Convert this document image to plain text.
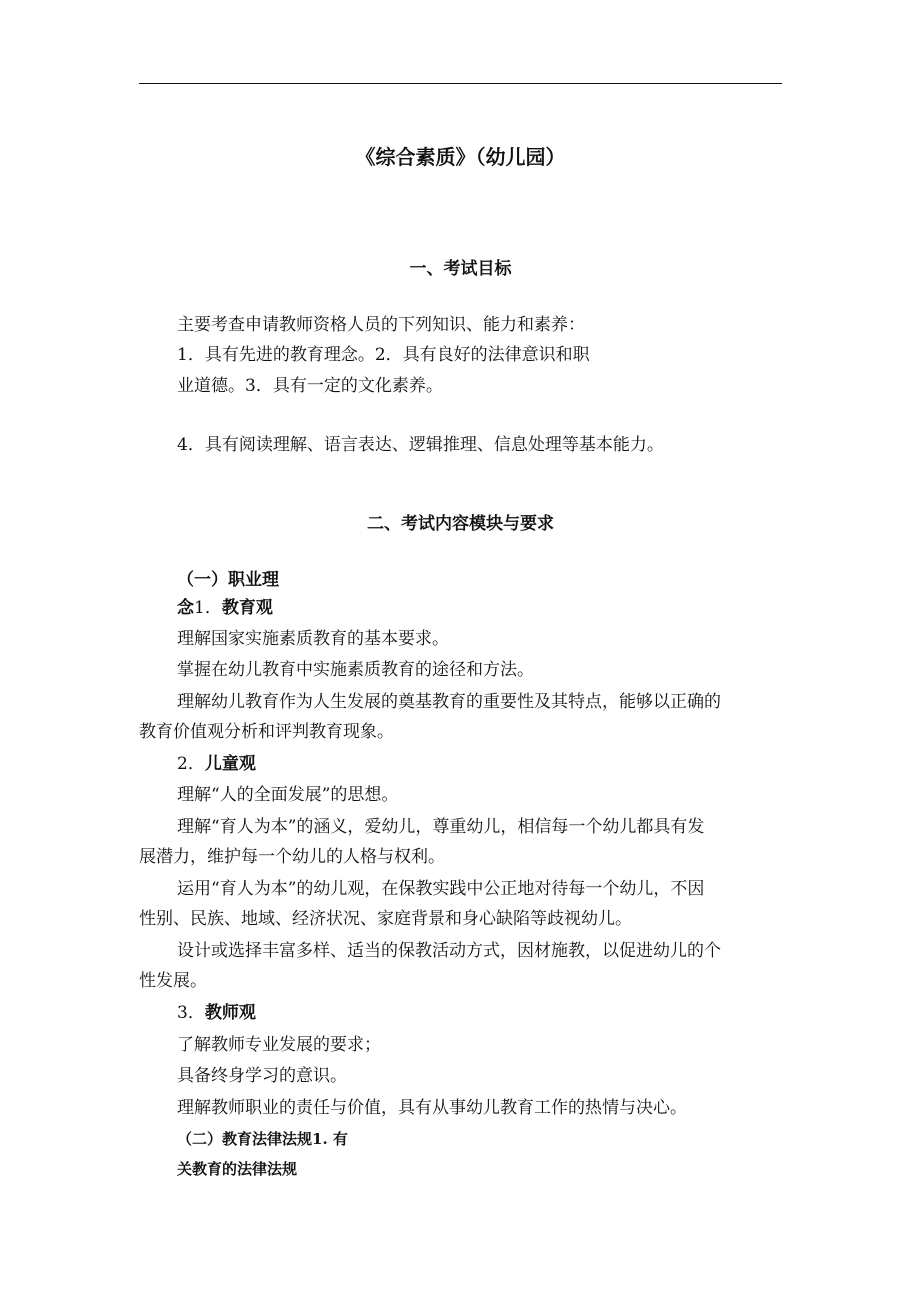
《综合素质》（幼儿园）
一、考试目标
主要考查申请教师资格人员的下列知识、能力和素养：
1．具有先进的教育理念。2．具有良好的法律意识和职
业道德。3．具有一定的文化素养。
4．具有阅读理解、语言表达、逻辑推理、信息处理等基本能力。
二、考试内容模块与要求
（一）职业理
念1．教育观
理解国家实施素质教育的基本要求。
掌握在幼儿教育中实施素质教育的途径和方法。
理解幼儿教育作为人生发展的奠基教育的重要性及其特点，能够以正确的
教育价值观分析和评判教育现象。
2．儿童观
理解“人的全面发展”的思想。
理解“育人为本”的涵义，爱幼儿，尊重幼儿，相信每一个幼儿都具有发
展潜力，维护每一个幼儿的人格与权利。
运用“育人为本”的幼儿观，在保教实践中公正地对待每一个幼儿，不因
性别、民族、地域、经济状况、家庭背景和身心缺陷等歧视幼儿。
设计或选择丰富多样、适当的保教活动方式，因材施教，以促进幼儿的个
性发展。
3．教师观
了解教师专业发展的要求；
具备终身学习的意识。
理解教师职业的责任与价值，具有从事幼儿教育工作的热情与决心。
（二）教育法律法规1. 有
关教育的法律法规
